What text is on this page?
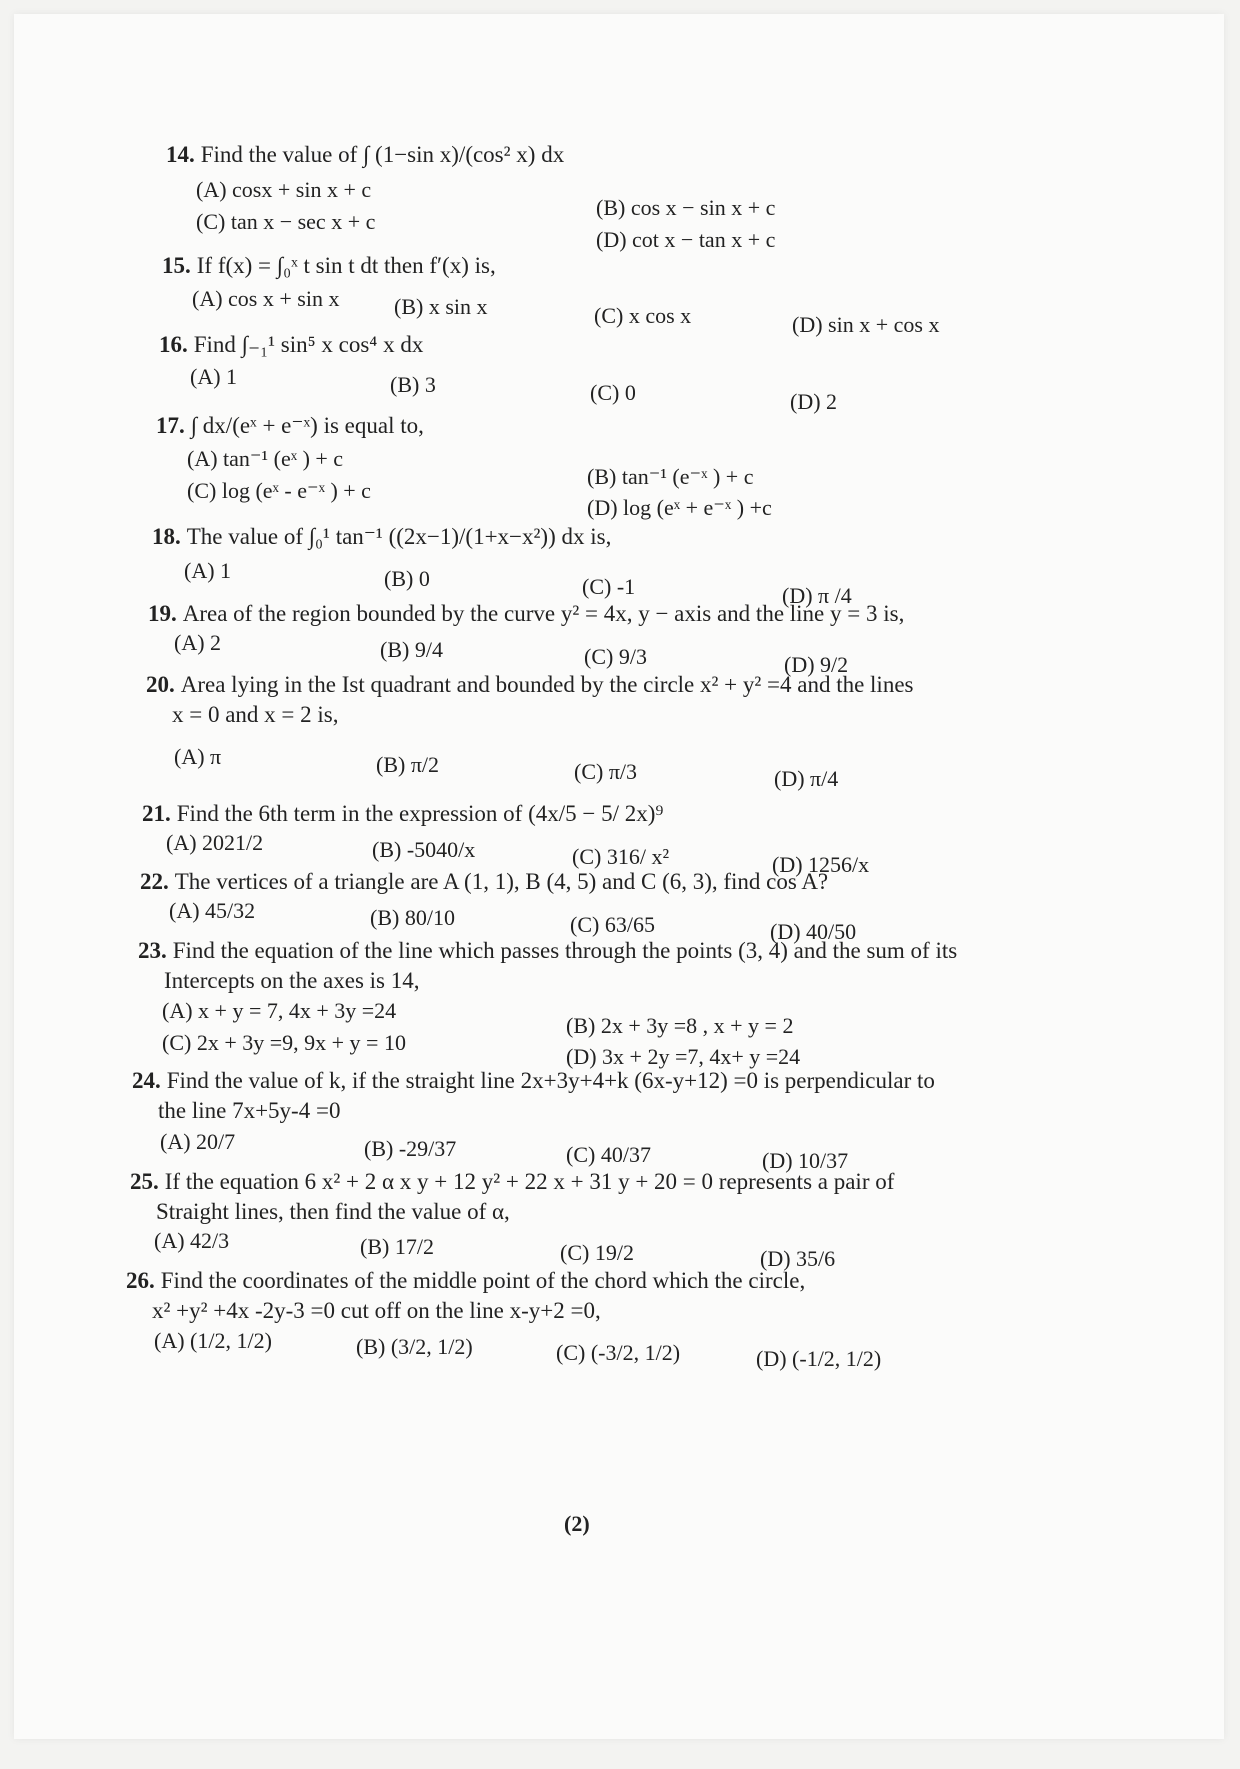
14. Find the value of ∫ (1−sin x)/(cos² x) dx
(A) cosx + sin x + c
(B) cos x − sin x + c
(C) tan x − sec x + c
(D) cot x − tan x + c
15. If f(x) = ∫₀ˣ t sin t dt then f′(x) is,
(A) cos x + sin x (B) x sin x	(C) x cos x	(D) sin x + cos x
16. Find ∫₋₁¹ sin⁵ x cos⁴ x dx
(A) 1	(B) 3	(C) 0	(D) 2
17. ∫ dx/(eˣ + e⁻ˣ) is equal to,
(A) tan⁻¹ (eˣ ) + c
(B) tan⁻¹ (e⁻ˣ ) + c
(C) log (eˣ - e⁻ˣ ) + c
(D) log (eˣ + e⁻ˣ ) +c
18. The value of ∫₀¹ tan⁻¹ ((2x−1)/(1+x−x²)) dx is,
(A) 1	(B) 0	(C) -1	(D) π /4
19. Area of the region bounded by the curve y² = 4x, y − axis and the line y = 3 is,
(A) 2	(B) 9/4	(C) 9/3	(D) 9/2
20. Area lying in the Ist quadrant and bounded by the circle x² + y² =4 and the lines
x = 0 and x = 2 is,
(A) π	(B) π/2	(C) π/3	(D) π/4
21. Find the 6th term in the expression of (4x/5 − 5/ 2x)⁹
(A) 2021/2	(B) -5040/x	(C) 316/ x²	(D) 1256/x
22. The vertices of a triangle are A (1, 1), B (4, 5) and C (6, 3), find cos A?
(A) 45/32	(B) 80/10	(C) 63/65	(D) 40/50
23. Find the equation of the line which passes through the points (3, 4) and the sum of its
Intercepts on the axes is 14,
(A) x + y = 7, 4x + 3y =24
(B) 2x + 3y =8 , x + y = 2
(C) 2x + 3y =9, 9x + y = 10
(D) 3x + 2y =7, 4x+ y =24
24. Find the value of k, if the straight line 2x+3y+4+k (6x-y+12) =0 is perpendicular to
the line 7x+5y-4 =0
(A) 20/7	(B) -29/37	(C) 40/37	(D) 10/37
25. If the equation 6 x² + 2 α x y + 12 y² + 22 x + 31 y + 20 = 0 represents a pair of
Straight lines, then find the value of α,
(A) 42/3	(B) 17/2	(C) 19/2	(D) 35/6
26. Find the coordinates of the middle point of the chord which the circle,
x² +y² +4x -2y-3 =0 cut off on the line x-y+2 =0,
(A) (1/2, 1/2)	(B) (3/2, 1/2)	(C) (-3/2, 1/2)	(D) (-1/2, 1/2)
(2)
